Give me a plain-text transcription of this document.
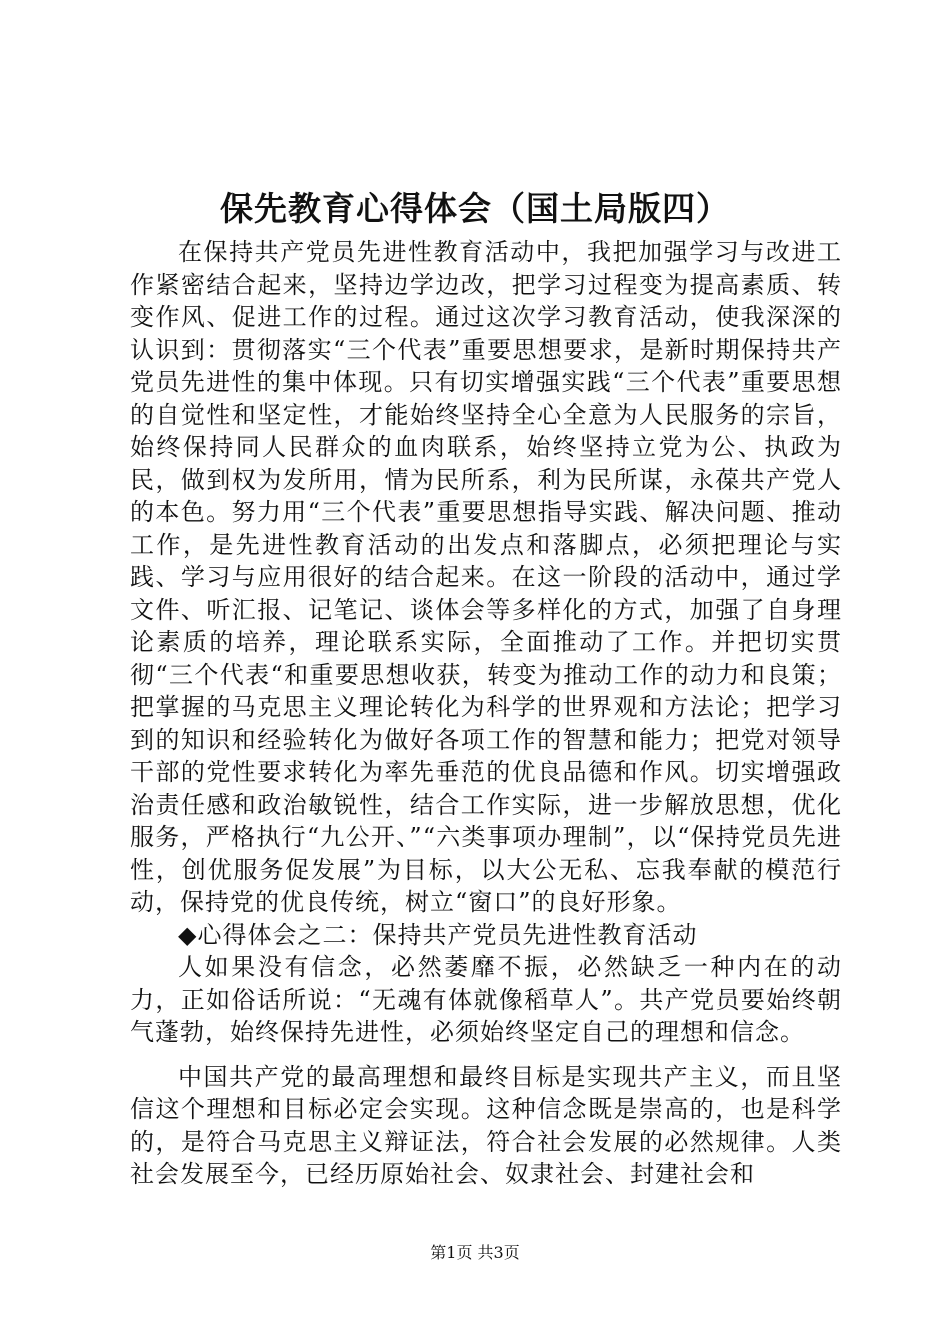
保先教育心得体会（国土局版四）

在保持共产党员先进性教育活动中，我把加强学习与改进工作紧密结合起来，坚持边学边改，把学习过程变为提高素质、转变作风、促进工作的过程。通过这次学习教育活动，使我深深的认识到：贯彻落实“三个代表”重要思想要求，是新时期保持共产党员先进性的集中体现。只有切实增强实践“三个代表”重要思想的自觉性和坚定性，才能始终坚持全心全意为人民服务的宗旨，始终保持同人民群众的血肉联系，始终坚持立党为公、执政为民，做到权为发所用，情为民所系，利为民所谋，永葆共产党人的本色。努力用“三个代表”重要思想指导实践、解决问题、推动工作，是先进性教育活动的出发点和落脚点，必须把理论与实践、学习与应用很好的结合起来。在这一阶段的活动中，通过学文件、听汇报、记笔记、谈体会等多样化的方式，加强了自身理论素质的培养，理论联系实际，全面推动了工作。并把切实贯彻“三个代表“和重要思想收获，转变为推动工作的动力和良策；把掌握的马克思主义理论转化为科学的世界观和方法论；把学习到的知识和经验转化为做好各项工作的智慧和能力；把党对领导干部的党性要求转化为率先垂范的优良品德和作风。切实增强政治责任感和政治敏锐性，结合工作实际，进一步解放思想，优化服务，严格执行“九公开、”“六类事项办理制”，以“保持党员先进性，创优服务促发展”为目标，以大公无私、忘我奉献的模范行动，保持党的优良传统，树立“窗口”的良好形象。

◆心得体会之二：保持共产党员先进性教育活动

人如果没有信念，必然萎靡不振，必然缺乏一种内在的动力，正如俗话所说：“无魂有体就像稻草人”。共产党员要始终朝气蓬勃，始终保持先进性，必须始终坚定自己的理想和信念。

中国共产党的最高理想和最终目标是实现共产主义，而且坚信这个理想和目标必定会实现。这种信念既是崇高的，也是科学的，是符合马克思主义辩证法，符合社会发展的必然规律。人类社会发展至今，已经历原始社会、奴隶社会、封建社会和

第1页 共3页
